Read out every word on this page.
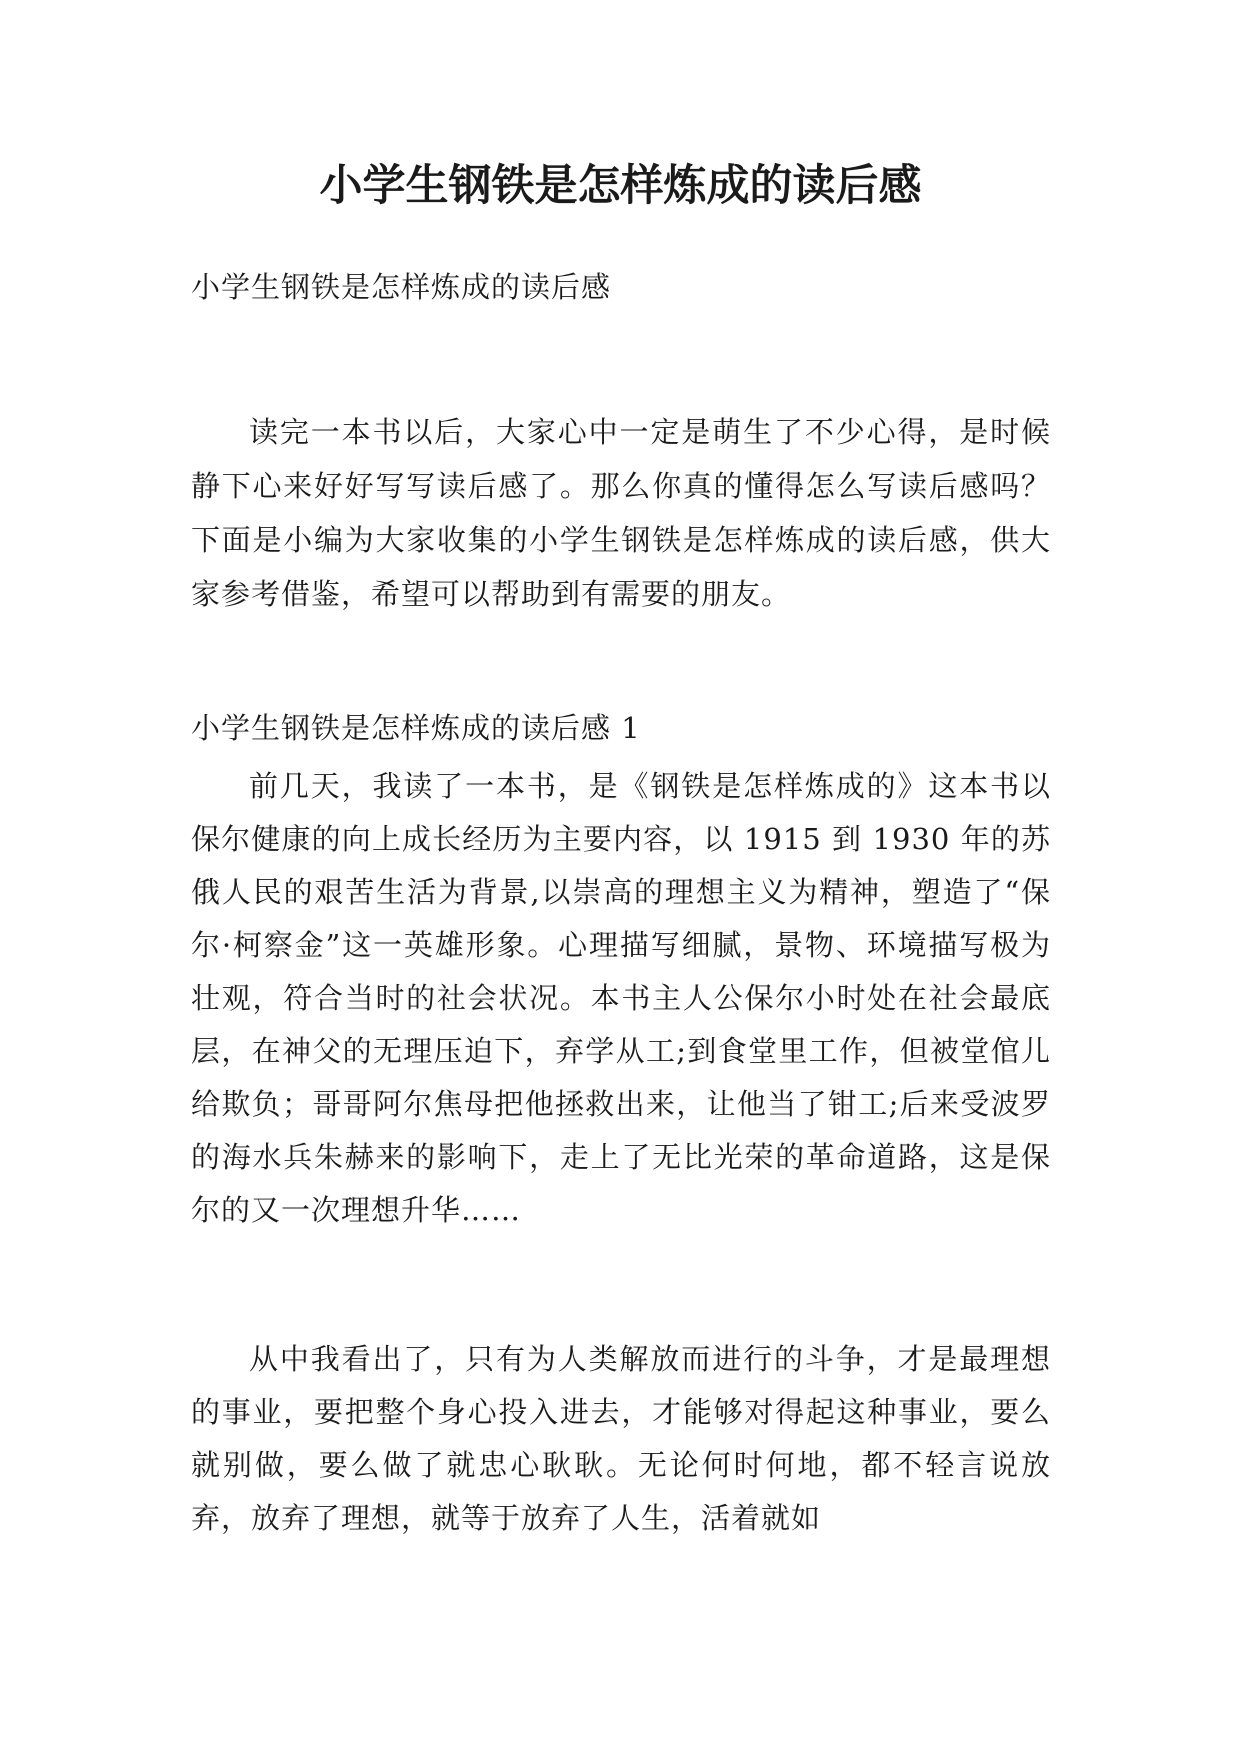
小学生钢铁是怎样炼成的读后感

小学生钢铁是怎样炼成的读后感

读完一本书以后，大家心中一定是萌生了不少心得，是时候静下心来好好写写读后感了。那么你真的懂得怎么写读后感吗？下面是小编为大家收集的小学生钢铁是怎样炼成的读后感，供大家参考借鉴，希望可以帮助到有需要的朋友。

小学生钢铁是怎样炼成的读后感 1

前几天，我读了一本书，是《钢铁是怎样炼成的》这本书以保尔健康的向上成长经历为主要内容，以 1915 到 1930 年的苏俄人民的艰苦生活为背景,以崇高的理想主义为精神，塑造了“保尔·柯察金”这一英雄形象。心理描写细腻，景物、环境描写极为壮观，符合当时的社会状况。本书主人公保尔小时处在社会最底层，在神父的无理压迫下，弃学从工;到食堂里工作，但被堂倌儿给欺负；哥哥阿尔焦母把他拯救出来，让他当了钳工;后来受波罗的海水兵朱赫来的影响下，走上了无比光荣的革命道路，这是保尔的又一次理想升华……

从中我看出了，只有为人类解放而进行的斗争，才是最理想的事业，要把整个身心投入进去，才能够对得起这种事业，要么就别做，要么做了就忠心耿耿。无论何时何地，都不轻言说放弃，放弃了理想，就等于放弃了人生，活着就如
